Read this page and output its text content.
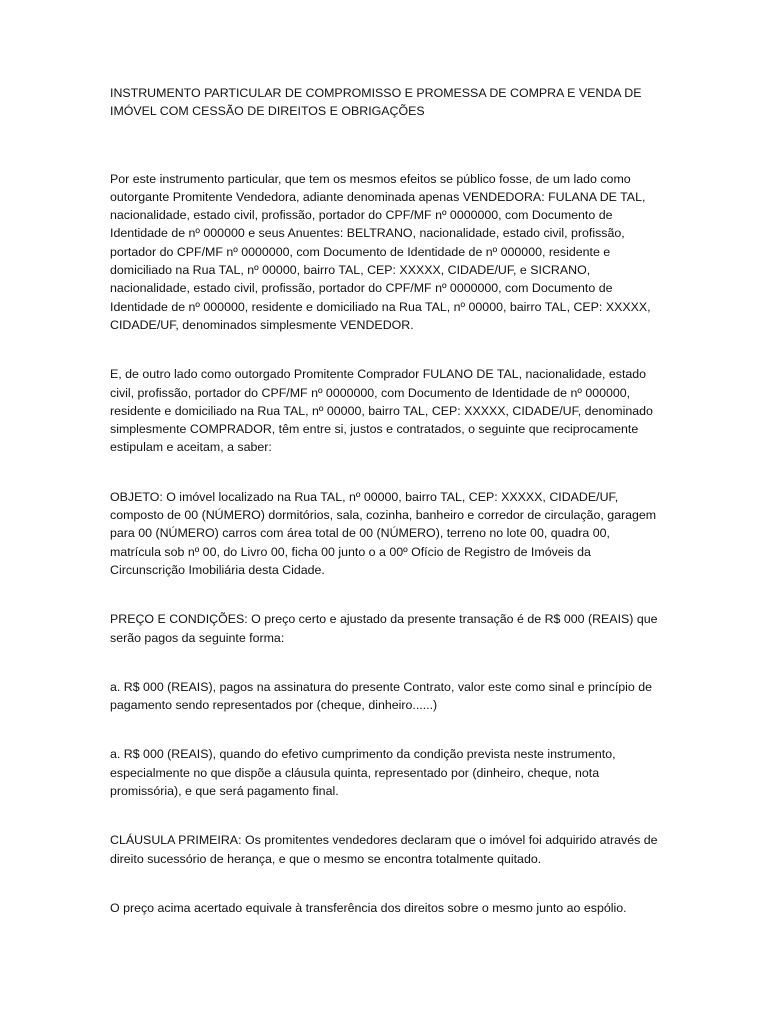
INSTRUMENTO PARTICULAR DE COMPROMISSO E PROMESSA DE COMPRA E VENDA DE IMÓVEL COM CESSÃO DE DIREITOS E OBRIGAÇÕES

Por este instrumento particular, que tem os mesmos efeitos se público fosse, de um lado como outorgante Promitente Vendedora, adiante denominada apenas VENDEDORA: FULANA DE TAL, nacionalidade, estado civil, profissão, portador do CPF/MF nº 0000000, com Documento de Identidade de nº 000000 e seus Anuentes: BELTRANO, nacionalidade, estado civil, profissão, portador do CPF/MF nº 0000000, com Documento de Identidade de nº 000000, residente e domiciliado na Rua TAL, nº 00000, bairro TAL, CEP: XXXXX, CIDADE/UF, e SICRANO, nacionalidade, estado civil, profissão, portador do CPF/MF nº 0000000, com Documento de Identidade de nº 000000, residente e domiciliado na Rua TAL, nº 00000, bairro TAL, CEP: XXXXX, CIDADE/UF, denominados simplesmente VENDEDOR.

E, de outro lado como outorgado Promitente Comprador FULANO DE TAL, nacionalidade, estado civil, profissão, portador do CPF/MF nº 0000000, com Documento de Identidade de nº 000000, residente e domiciliado na Rua TAL, nº 00000, bairro TAL, CEP: XXXXX, CIDADE/UF, denominado simplesmente COMPRADOR, têm entre si, justos e contratados, o seguinte que reciprocamente estipulam e aceitam, a saber:

OBJETO: O imóvel localizado na Rua TAL, nº 00000, bairro TAL, CEP: XXXXX, CIDADE/UF, composto de 00 (NÚMERO) dormitórios, sala, cozinha, banheiro e corredor de circulação, garagem para 00 (NÚMERO) carros com área total de 00 (NÚMERO), terreno no lote 00, quadra 00, matrícula sob nº 00, do Livro 00, ficha 00 junto o a 00º Ofício de Registro de Imóveis da Circunscrição Imobiliária desta Cidade.

PREÇO E CONDIÇÕES: O preço certo e ajustado da presente transação é de R$ 000 (REAIS) que serão pagos da seguinte forma:

a. R$ 000 (REAIS), pagos na assinatura do presente Contrato, valor este como sinal e princípio de pagamento sendo representados por (cheque, dinheiro......)

a. R$ 000 (REAIS), quando do efetivo cumprimento da condição prevista neste instrumento, especialmente no que dispõe a cláusula quinta, representado por (dinheiro, cheque, nota promissória), e que será pagamento final.

CLÁUSULA PRIMEIRA: Os promitentes vendedores declaram que o imóvel foi adquirido através de direito sucessório de herança, e que o mesmo se encontra totalmente quitado.

O preço acima acertado equivale à transferência dos direitos sobre o mesmo junto ao espólio.
